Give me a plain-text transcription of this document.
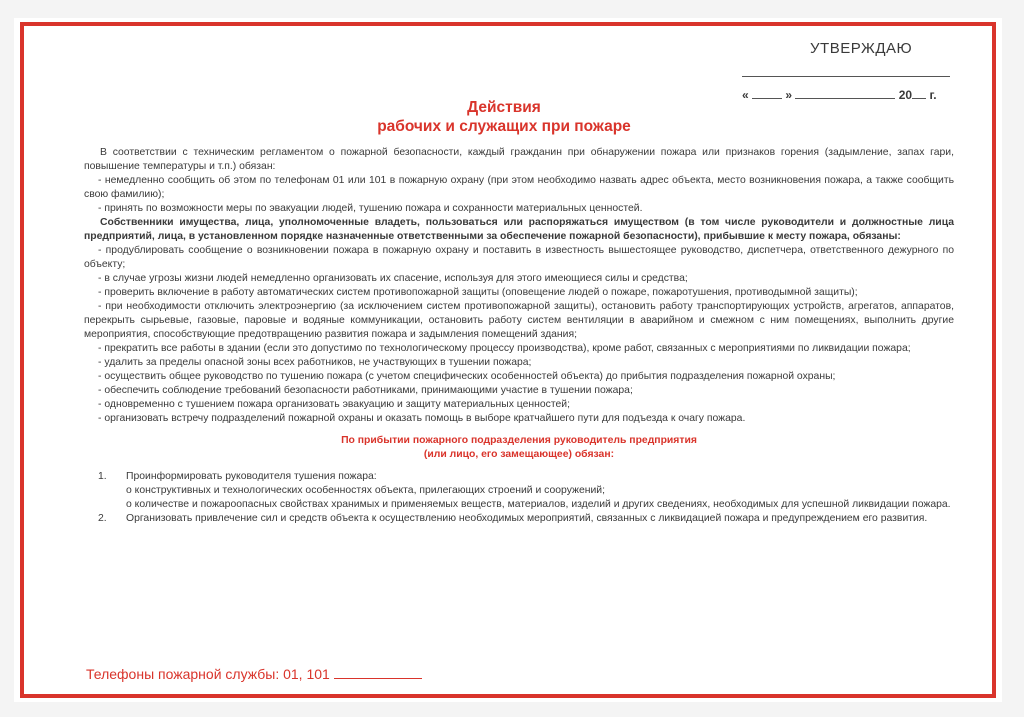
УТВЕРЖДАЮ
«	»	20 г.
Действия
рабочих и служащих при пожаре

В соответствии с техническим регламентом о пожарной безопасности, каждый гражданин при обнаружении пожара или признаков горения (задымление, запах гари, повышение температуры и т.п.) обязан:

- немедленно сообщить об этом по телефонам 01 или 101 в пожарную охрану (при этом необходимо назвать адрес объекта, место возникновения пожара, а также сообщить свою фамилию);

- принять по возможности меры по эвакуации людей, тушению пожара и сохранности материальных ценностей.

Собственники имущества, лица, уполномоченные владеть, пользоваться или распоряжаться имуществом (в том числе руководители и должностные лица предприятий, лица, в установленном порядке назначенные ответственными за обеспечение пожарной безопасности), прибывшие к месту пожара, обязаны:

- продублировать сообщение о возникновении пожара в пожарную охрану и поставить в известность вышестоящее руководство, диспетчера, ответственного дежурного по объекту;

- в случае угрозы жизни людей немедленно организовать их спасение, используя для этого имеющиеся силы и средства;

- проверить включение в работу автоматических систем противопожарной защиты (оповещение людей о пожаре, пожаротушения, противодымной защиты);

- при необходимости отключить электроэнергию (за исключением систем противопожарной защиты), остановить работу транспортирующих устройств, агрегатов, аппаратов, перекрыть сырьевые, газовые, паровые и водяные коммуникации, остановить работу систем вентиляции в аварийном и смежном с ним помещениях, выполнить другие мероприятия, способствующие предотвращению развития пожара и задымления помещений здания;

- прекратить все работы в здании (если это допустимо по технологическому процессу производства), кроме работ, связанных с мероприятиями по ликвидации пожара;

- удалить за пределы опасной зоны всех работников, не участвующих в тушении пожара;

- осуществить общее руководство по тушению пожара (с учетом специфических особенностей объекта) до прибытия подразделения пожарной охраны;

- обеспечить соблюдение требований безопасности работниками, принимающими участие в тушении пожара;

- одновременно с тушением пожара организовать эвакуацию и защиту материальных ценностей;

- организовать встречу подразделений пожарной охраны и оказать помощь в выборе кратчайшего пути для подъезда к очагу пожара.

По прибытии пожарного подразделения руководитель предприятия
(или лицо, его замещающее) обязан:
1.	Проинформировать руководителя тушения пожара:

о конструктивных и технологических особенностях объекта, прилегающих строений и сооружений;

о количестве и пожароопасных свойствах хранимых и применяемых веществ, материалов, изделий и других сведениях, необходимых для успешной ликвидации пожара.

2.	Организовать привлечение сил и средств объекта к осуществлению необходимых мероприятий, связанных с ликвидацией пожара и предупреждением его развития.

Телефоны пожарной службы: 01, 101
